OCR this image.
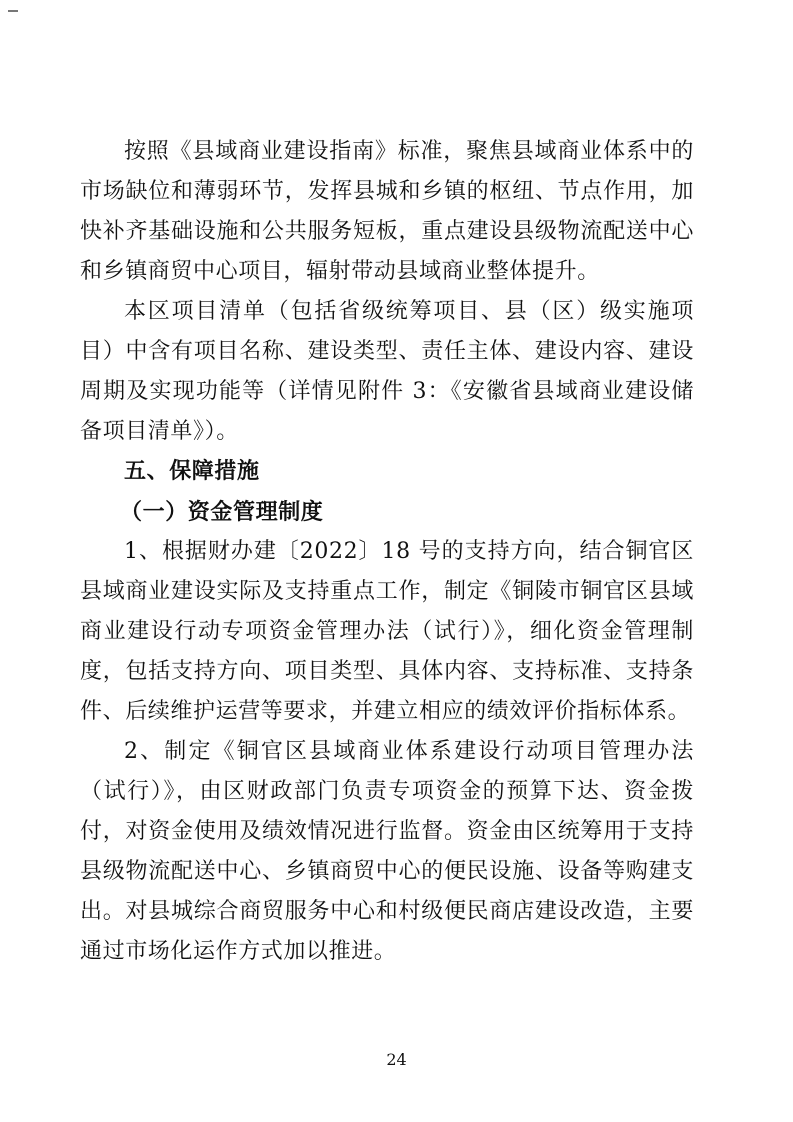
按照《县域商业建设指南》标准，聚焦县域商业体系中的市场缺位和薄弱环节，发挥县城和乡镇的枢纽、节点作用，加快补齐基础设施和公共服务短板，重点建设县级物流配送中心和乡镇商贸中心项目，辐射带动县域商业整体提升。

本区项目清单（包括省级统筹项目、县（区）级实施项目）中含有项目名称、建设类型、责任主体、建设内容、建设周期及实现功能等（详情见附件 3：《安徽省县域商业建设储备项目清单》）。

五、保障措施

（一）资金管理制度

1、根据财办建〔2022〕18 号的支持方向，结合铜官区县域商业建设实际及支持重点工作，制定《铜陵市铜官区县域商业建设行动专项资金管理办法（试行）》，细化资金管理制度，包括支持方向、项目类型、具体内容、支持标准、支持条件、后续维护运营等要求，并建立相应的绩效评价指标体系。

2、制定《铜官区县域商业体系建设行动项目管理办法（试行）》，由区财政部门负责专项资金的预算下达、资金拨付，对资金使用及绩效情况进行监督。资金由区统筹用于支持县级物流配送中心、乡镇商贸中心的便民设施、设备等购建支出。对县城综合商贸服务中心和村级便民商店建设改造，主要通过市场化运作方式加以推进。

24
